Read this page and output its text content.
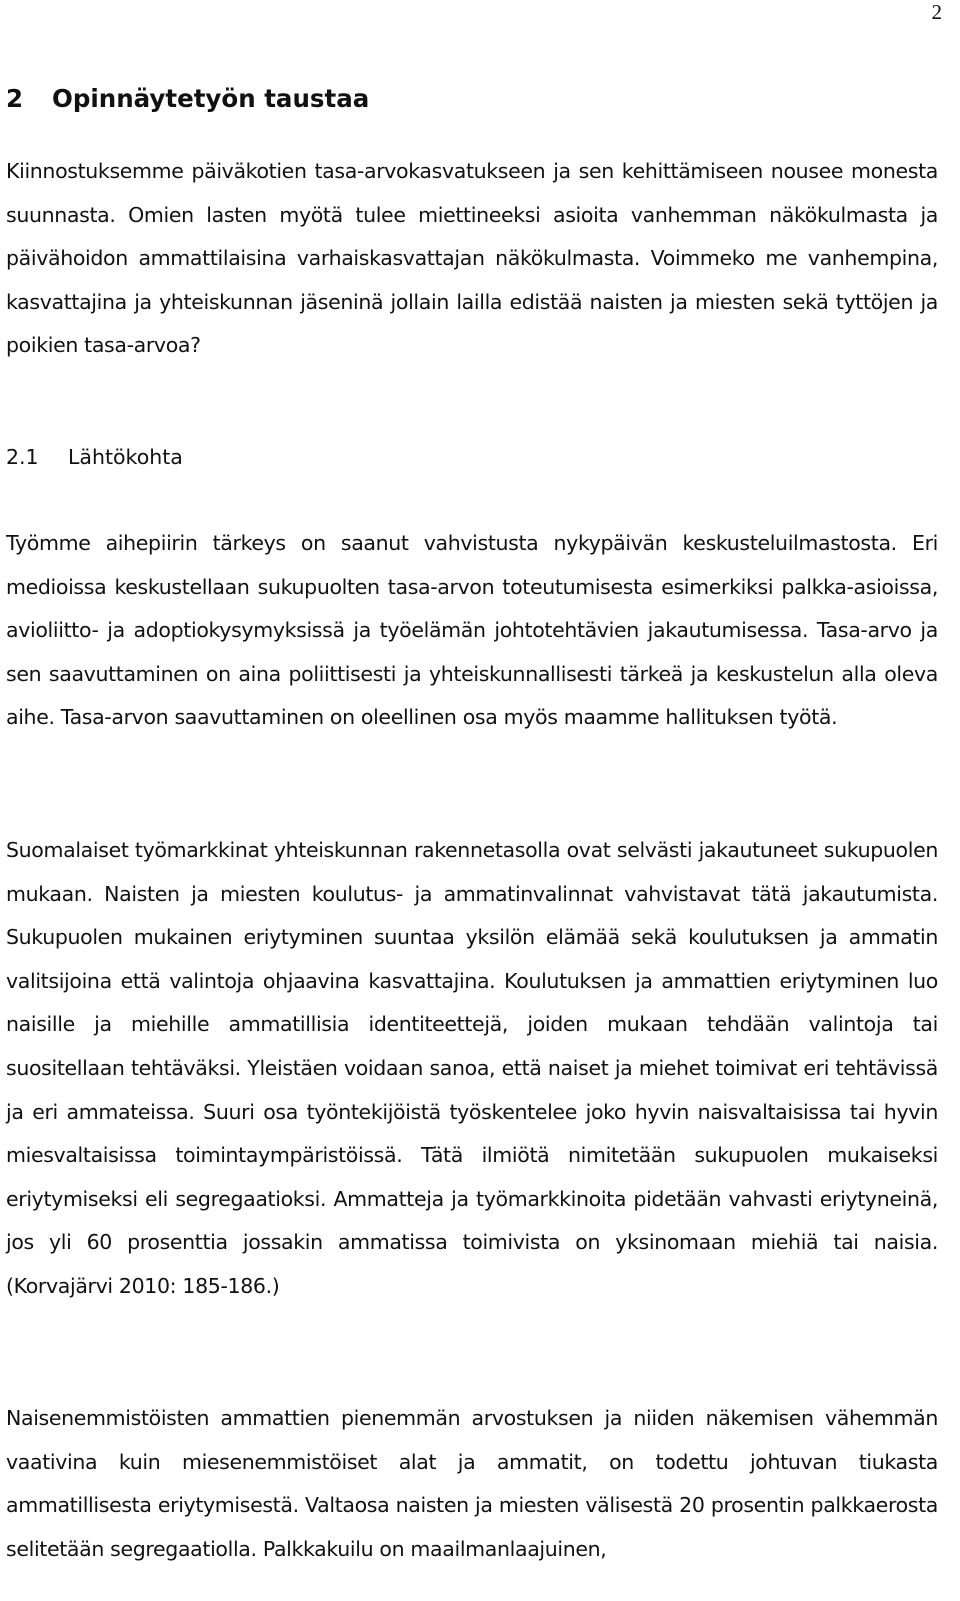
2
2 Opinnäytetyön taustaa

Kiinnostuksemme päiväkotien tasa-arvokasvatukseen ja sen kehittämiseen nousee monesta suunnasta. Omien lasten myötä tulee miettineeksi asioita vanhemman näkökulmasta ja päivähoidon ammattilaisina varhaiskasvattajan näkökulmasta. Voimmeko me vanhempina, kasvattajina ja yhteiskunnan jäseninä jollain lailla edistää naisten ja miesten sekä tyttöjen ja poikien tasa-arvoa?

2.1 Lähtökohta

Työmme aihepiirin tärkeys on saanut vahvistusta nykypäivän keskusteluilmastosta. Eri medioissa keskustellaan sukupuolten tasa-arvon toteutumisesta esimerkiksi palkka-asioissa, avioliitto- ja adoptiokysymyksissä ja työelämän johtotehtävien jakautumisessa. Tasa-arvo ja sen saavuttaminen on aina poliittisesti ja yhteiskunnallisesti tärkeä ja keskustelun alla oleva aihe. Tasa-arvon saavuttaminen on oleellinen osa myös maamme hallituksen työtä.

Suomalaiset työmarkkinat yhteiskunnan rakennetasolla ovat selvästi jakautuneet sukupuolen mukaan. Naisten ja miesten koulutus- ja ammatinvalinnat vahvistavat tätä jakautumista. Sukupuolen mukainen eriytyminen suuntaa yksilön elämää sekä koulutuksen ja ammatin valitsijoina että valintoja ohjaavina kasvattajina. Koulutuksen ja ammattien eriytyminen luo naisille ja miehille ammatillisia identiteettejä, joiden mukaan tehdään valintoja tai suositellaan tehtäväksi. Yleistäen voidaan sanoa, että naiset ja miehet toimivat eri tehtävissä ja eri ammateissa. Suuri osa työntekijöistä työskentelee joko hyvin naisvaltaisissa tai hyvin miesvaltaisissa toimintaympäristöissä. Tätä ilmiötä nimitetään sukupuolen mukaiseksi eriytymiseksi eli segregaatioksi. Ammatteja ja työmarkkinoita pidetään vahvasti eriytyneinä, jos yli 60 prosenttia jossakin ammatissa toimivista on yksinomaan miehiä tai naisia. (Korvajärvi 2010: 185-186.)

Naisenemmistöisten ammattien pienemmän arvostuksen ja niiden näkemisen vähemmän vaativina kuin miesenemmistöiset alat ja ammatit, on todettu johtuvan tiukasta ammatillisesta eriytymisestä. Valtaosa naisten ja miesten välisestä 20 prosentin palkkaerosta selitetään segregaatiolla. Palkkakuilu on maailmanlaajuinen,
